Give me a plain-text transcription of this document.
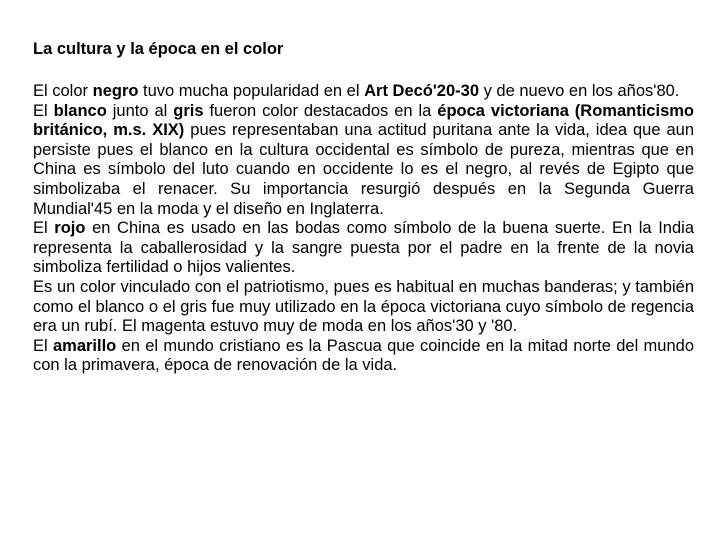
La cultura y la época en el color

El color negro tuvo mucha popularidad en el Art Decó'20-30 y de nuevo en los años'80.

El blanco junto al gris fueron color destacados en la época victoriana (Romanticismo británico, m.s. XIX) pues representaban una actitud puritana ante la vida, idea que aun persiste pues el blanco en la cultura occidental es símbolo de pureza, mientras que en China es símbolo del luto cuando en occidente lo es el negro, al revés de Egipto que simbolizaba el renacer. Su importancia resurgió después en la Segunda Guerra Mundial'45 en la moda y el diseño en Inglaterra.

El rojo en China es usado en las bodas como símbolo de la buena suerte. En la India representa la caballerosidad y la sangre puesta por el padre en la frente de la novia simboliza fertilidad o hijos valientes.

Es un color vinculado con el patriotismo, pues es habitual en muchas banderas; y también como el blanco o el gris fue muy utilizado en la época victoriana cuyo símbolo de regencia era un rubí. El magenta estuvo muy de moda en los años'30 y '80.

El amarillo en el mundo cristiano es la Pascua que coincide en la mitad norte del mundo con la primavera, época de renovación de la vida.
